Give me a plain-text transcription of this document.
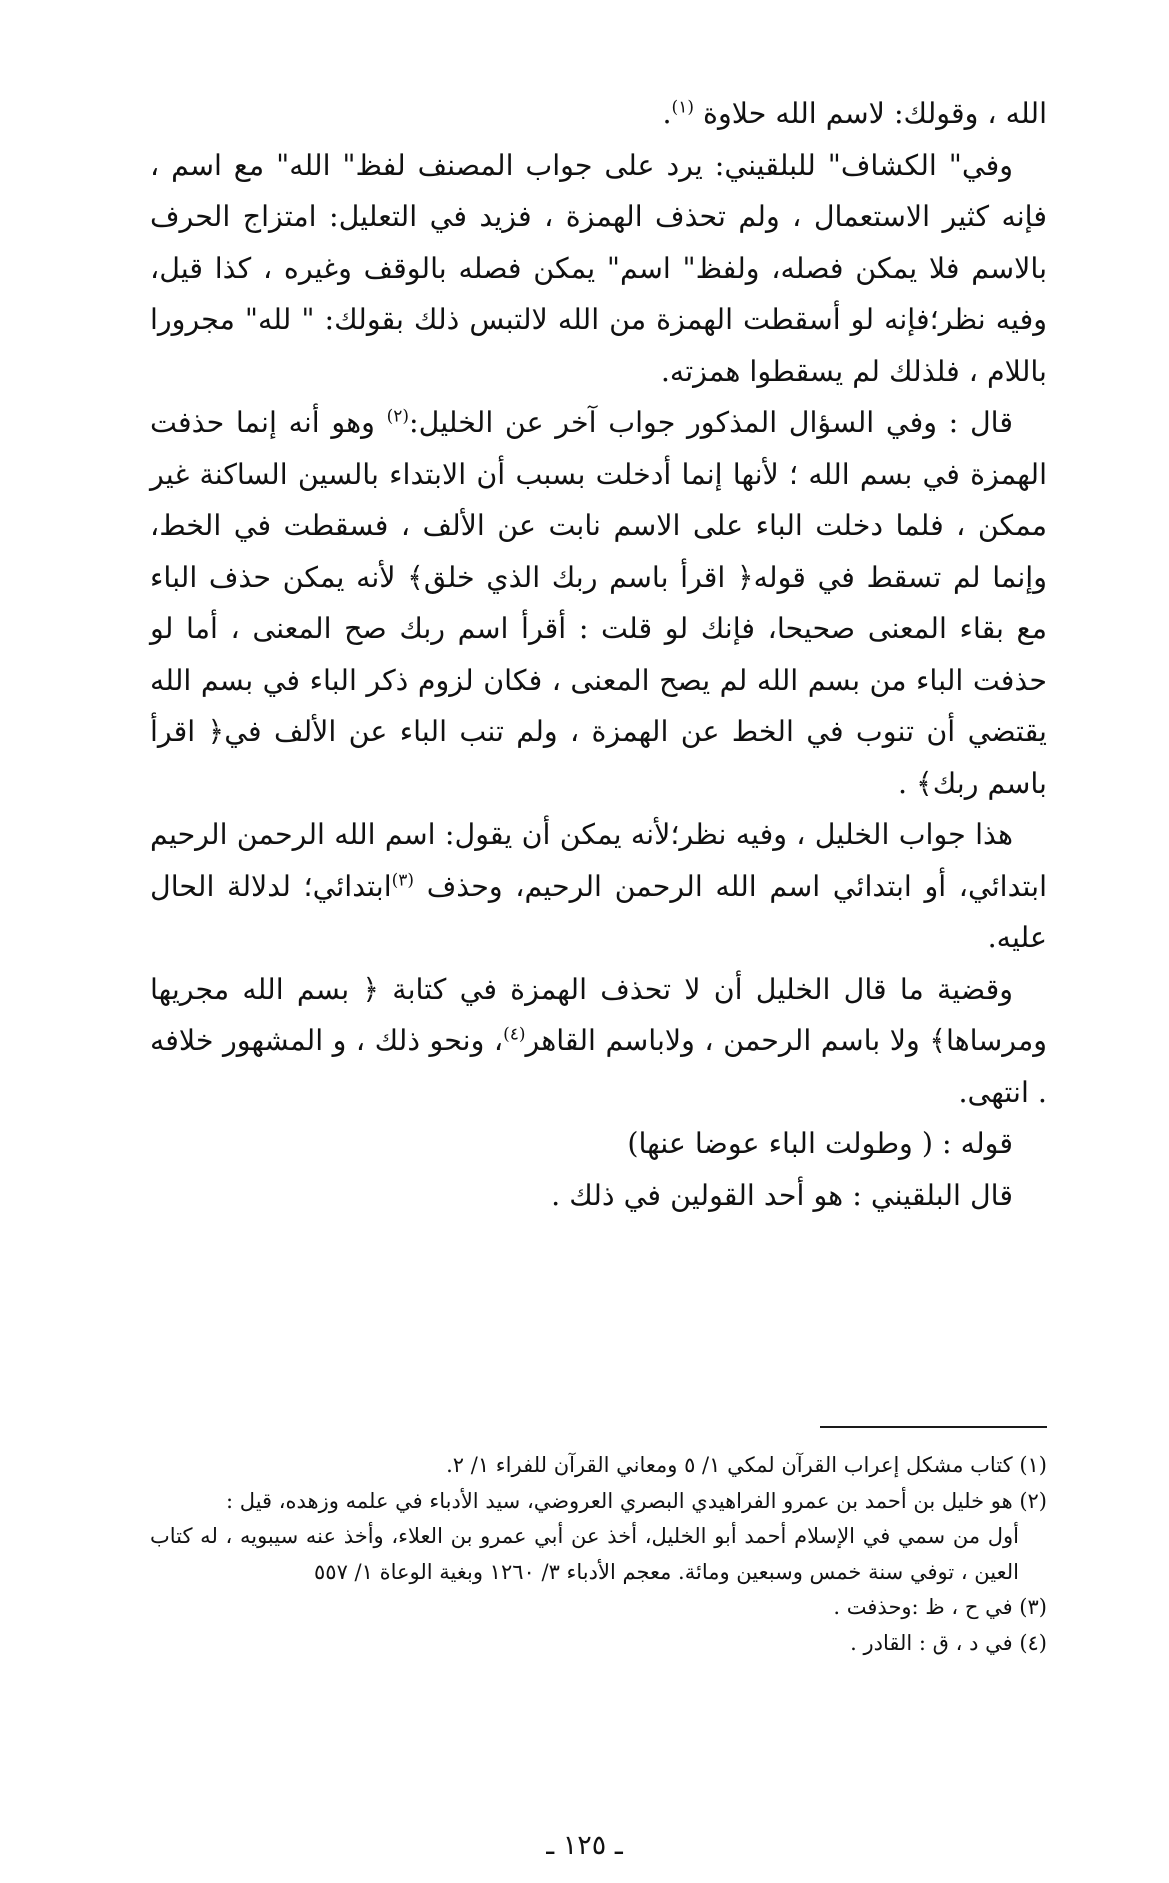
الله ، وقولك: لاسم الله حلاوة $^{(١)}$.

وفي" الكشاف" للبلقيني: يرد على جواب المصنف لفظ" الله" مع اسم ، فإنه كثير الاستعمال ، ولم تحذف الهمزة ، فزيد في التعليل: امتزاج الحرف بالاسم فلا يمكن فصله، ولفظ" اسم" يمكن فصله بالوقف وغيره ، كذا قيل، وفيه نظر؛فإنه لو أسقطت الهمزة من الله لالتبس ذلك بقولك: " لله" مجرورا باللام ، فلذلك لم يسقطوا همزته.

قال : وفي السؤال المذكور جواب آخر عن الخليل:$^{(٢)}$ وهو أنه إنما حذفت الهمزة في بسم الله ؛ لأنها إنما أدخلت بسبب أن الابتداء بالسين الساكنة غير ممكن ، فلما دخلت الباء على الاسم نابت عن الألف ، فسقطت في الخط، وإنما لم تسقط في قوله﴿ اقرأ باسم ربك الذي خلق﴾ لأنه يمكن حذف الباء مع بقاء المعنى صحيحا، فإنك لو قلت : أقرأ اسم ربك صح المعنى ، أما لو حذفت الباء من بسم الله لم يصح المعنى ، فكان لزوم ذكر الباء في بسم الله يقتضي أن تنوب في الخط عن الهمزة ، ولم تنب الباء عن الألف في﴿ اقرأ باسم ربك﴾ .

هذا جواب الخليل ، وفيه نظر؛لأنه يمكن أن يقول: اسم الله الرحمن الرحيم ابتدائي، أو ابتدائي اسم الله الرحمن الرحيم، وحذف $^{(٣)}$ابتدائي؛ لدلالة الحال عليه.

وقضية ما قال الخليل أن لا تحذف الهمزة في كتابة ﴿ بسم الله مجريها ومرساها﴾ ولا باسم الرحمن ، ولاباسم القاهر$^{(٤)}$، ونحو ذلك ، و المشهور خلافه . انتهى.

قوله : ( وطولت الباء عوضا عنها)

قال البلقيني : هو أحد القولين في ذلك .

(١) كتاب مشكل إعراب القرآن لمكي ١/ ٥ ومعاني القرآن للفراء ١/ ٢.

(٢) هو خليل بن أحمد بن عمرو الفراهيدي البصري العروضي، سيد الأدباء في علمه وزهده، قيل :

أول من سمي في الإسلام أحمد أبو الخليل، أخذ عن أبي عمرو بن العلاء، وأخذ عنه سيبويه ، له كتاب العين ، توفي سنة خمس وسبعين ومائة. معجم الأدباء ٣/ ١٢٦٠ وبغية الوعاة ١/ ٥٥٧

(٣) في ح ، ظ :وحذفت .

(٤) في د ، ق : القادر .

ـ ١٢٥ ـ
